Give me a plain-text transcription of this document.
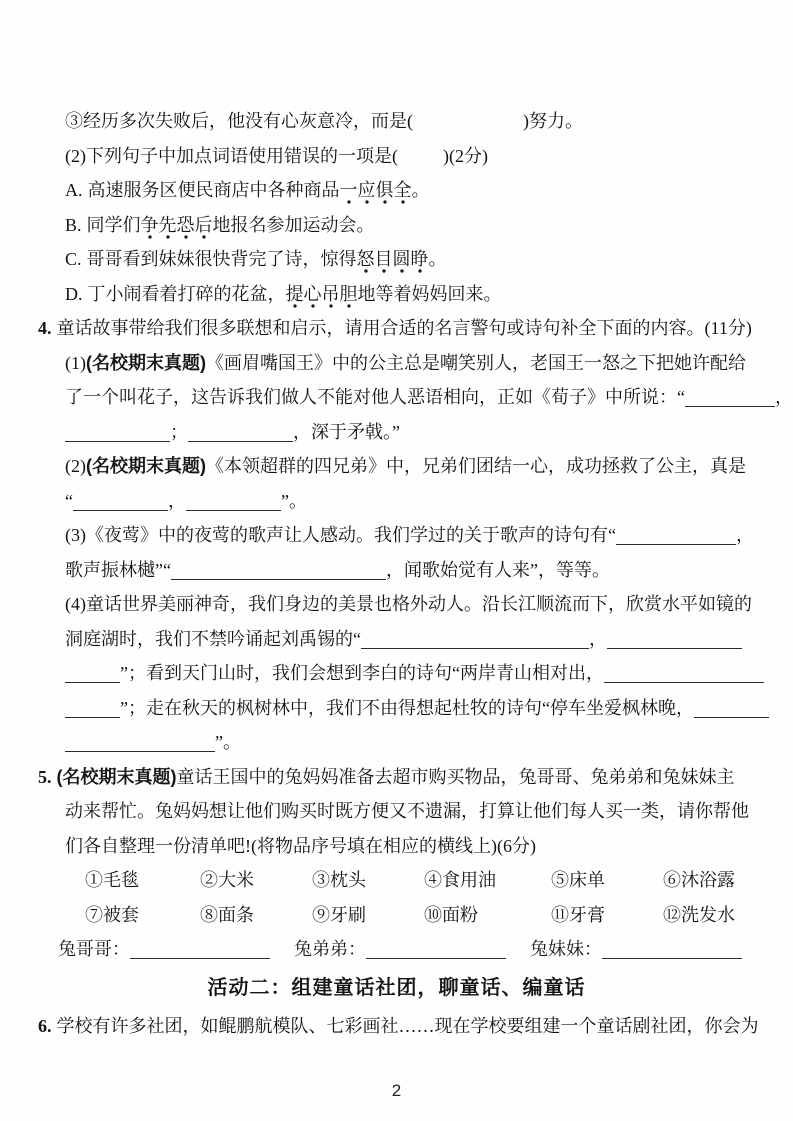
③经历多次失败后，他没有心灰意冷，而是(	)努力。
(2)下列句子中加点词语使用错误的一项是(	)(2分)
A. 高速服务区便民商店中各种商品一应俱全。
B. 同学们争先恐后地报名参加运动会。
C. 哥哥看到妹妹很快背完了诗，惊得怒目圆睁。
D. 丁小闹看着打碎的花盆，提心吊胆地等着妈妈回来。
4. 童话故事带给我们很多联想和启示，请用合适的名言警句或诗句补全下面的内容。(11分)
(1)(名校期末真题)《画眉嘴国王》中的公主总是嘲笑别人，老国王一怒之下把她许配给
了一个叫花子，这告诉我们做人不能对他人恶语相向，正如《荀子》中所说：“	，
；	，深于矛戟。”
(2)(名校期末真题)《本领超群的四兄弟》中，兄弟们团结一心，成功拯救了公主，真是
“	，	”。
(3)《夜莺》中的夜莺的歌声让人感动。我们学过的关于歌声的诗句有“	，
歌声振林樾”“	，闻歌始觉有人来”，等等。
(4)童话世界美丽神奇，我们身边的美景也格外动人。沿长江顺流而下，欣赏水平如镜的
洞庭湖时，我们不禁吟诵起刘禹锡的“	，
”；看到天门山时，我们会想到李白的诗句“两岸青山相对出，
”；走在秋天的枫树林中，我们不由得想起杜牧的诗句“停车坐爱枫林晚，
”。
5. (名校期末真题)童话王国中的兔妈妈准备去超市购买物品，兔哥哥、兔弟弟和兔妹妹主
动来帮忙。兔妈妈想让他们购买时既方便又不遗漏，打算让他们每人买一类，请你帮他
们各自整理一份清单吧!(将物品序号填在相应的横线上)(6分)
①毛毯	②大米	③枕头	④食用油	⑤床单	⑥沐浴露
⑦被套	⑧面条	⑨牙刷	⑩面粉	⑪牙膏	⑫洗发水
兔哥哥：	兔弟弟：	兔妹妹：
活动二：组建童话社团，聊童话、编童话
6. 学校有许多社团，如鲲鹏航模队、七彩画社……现在学校要组建一个童话剧社团，你会为
2
